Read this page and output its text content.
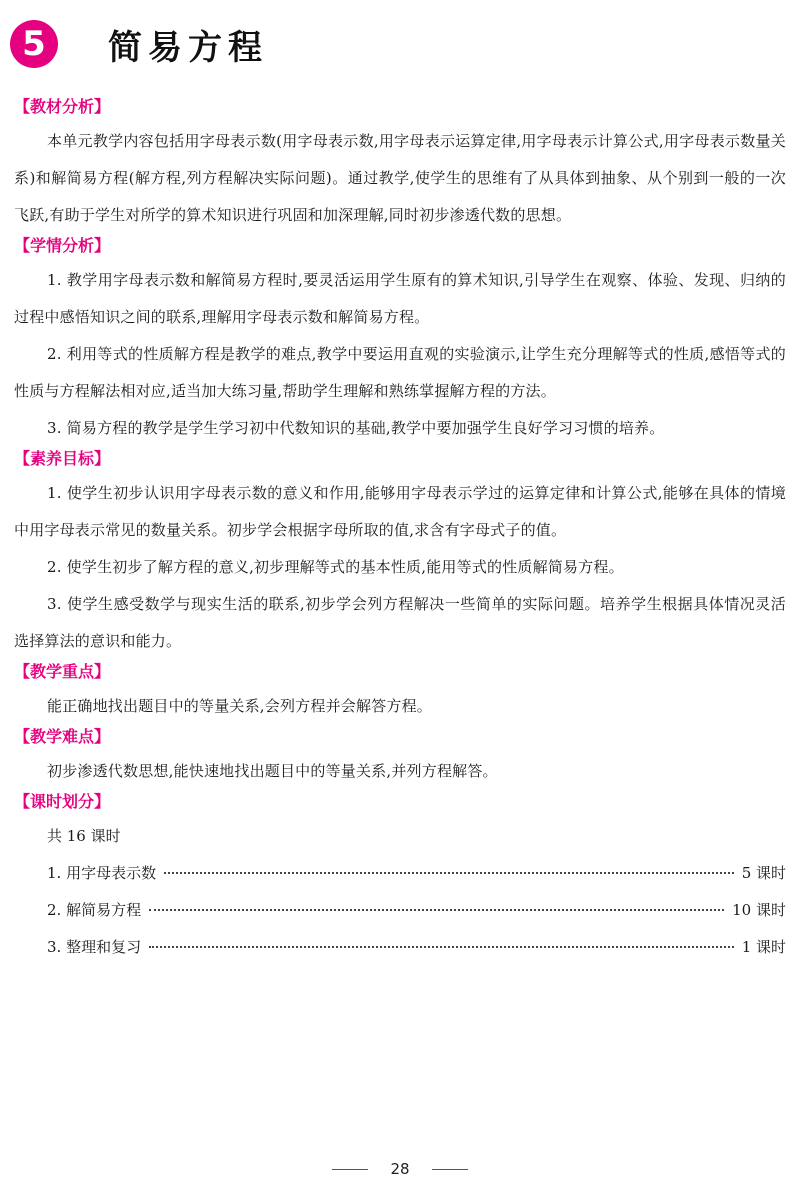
5	简易方程

【教材分析】

本单元教学内容包括用字母表示数(用字母表示数,用字母表示运算定律,用字母表示计算公式,用字母表示数量关系)和解简易方程(解方程,列方程解决实际问题)。通过教学,使学生的思维有了从具体到抽象、从个别到一般的一次飞跃,有助于学生对所学的算术知识进行巩固和加深理解,同时初步渗透代数的思想。

【学情分析】

1. 教学用字母表示数和解简易方程时,要灵活运用学生原有的算术知识,引导学生在观察、体验、发现、归纳的过程中感悟知识之间的联系,理解用字母表示数和解简易方程。

2. 利用等式的性质解方程是教学的难点,教学中要运用直观的实验演示,让学生充分理解等式的性质,感悟等式的性质与方程解法相对应,适当加大练习量,帮助学生理解和熟练掌握解方程的方法。

3. 简易方程的教学是学生学习初中代数知识的基础,教学中要加强学生良好学习习惯的培养。

【素养目标】

1. 使学生初步认识用字母表示数的意义和作用,能够用字母表示学过的运算定律和计算公式,能够在具体的情境中用字母表示常见的数量关系。初步学会根据字母所取的值,求含有字母式子的值。

2. 使学生初步了解方程的意义,初步理解等式的基本性质,能用等式的性质解简易方程。

3. 使学生感受数学与现实生活的联系,初步学会列方程解决一些简单的实际问题。培养学生根据具体情况灵活选择算法的意识和能力。

【教学重点】

能正确地找出题目中的等量关系,会列方程并会解答方程。

【教学难点】

初步渗透代数思想,能快速地找出题目中的等量关系,并列方程解答。

【课时划分】

共 16 课时
1. 用字母表示数	5 课时
2. 解简易方程	10 课时
3. 整理和复习	1 课时
28
